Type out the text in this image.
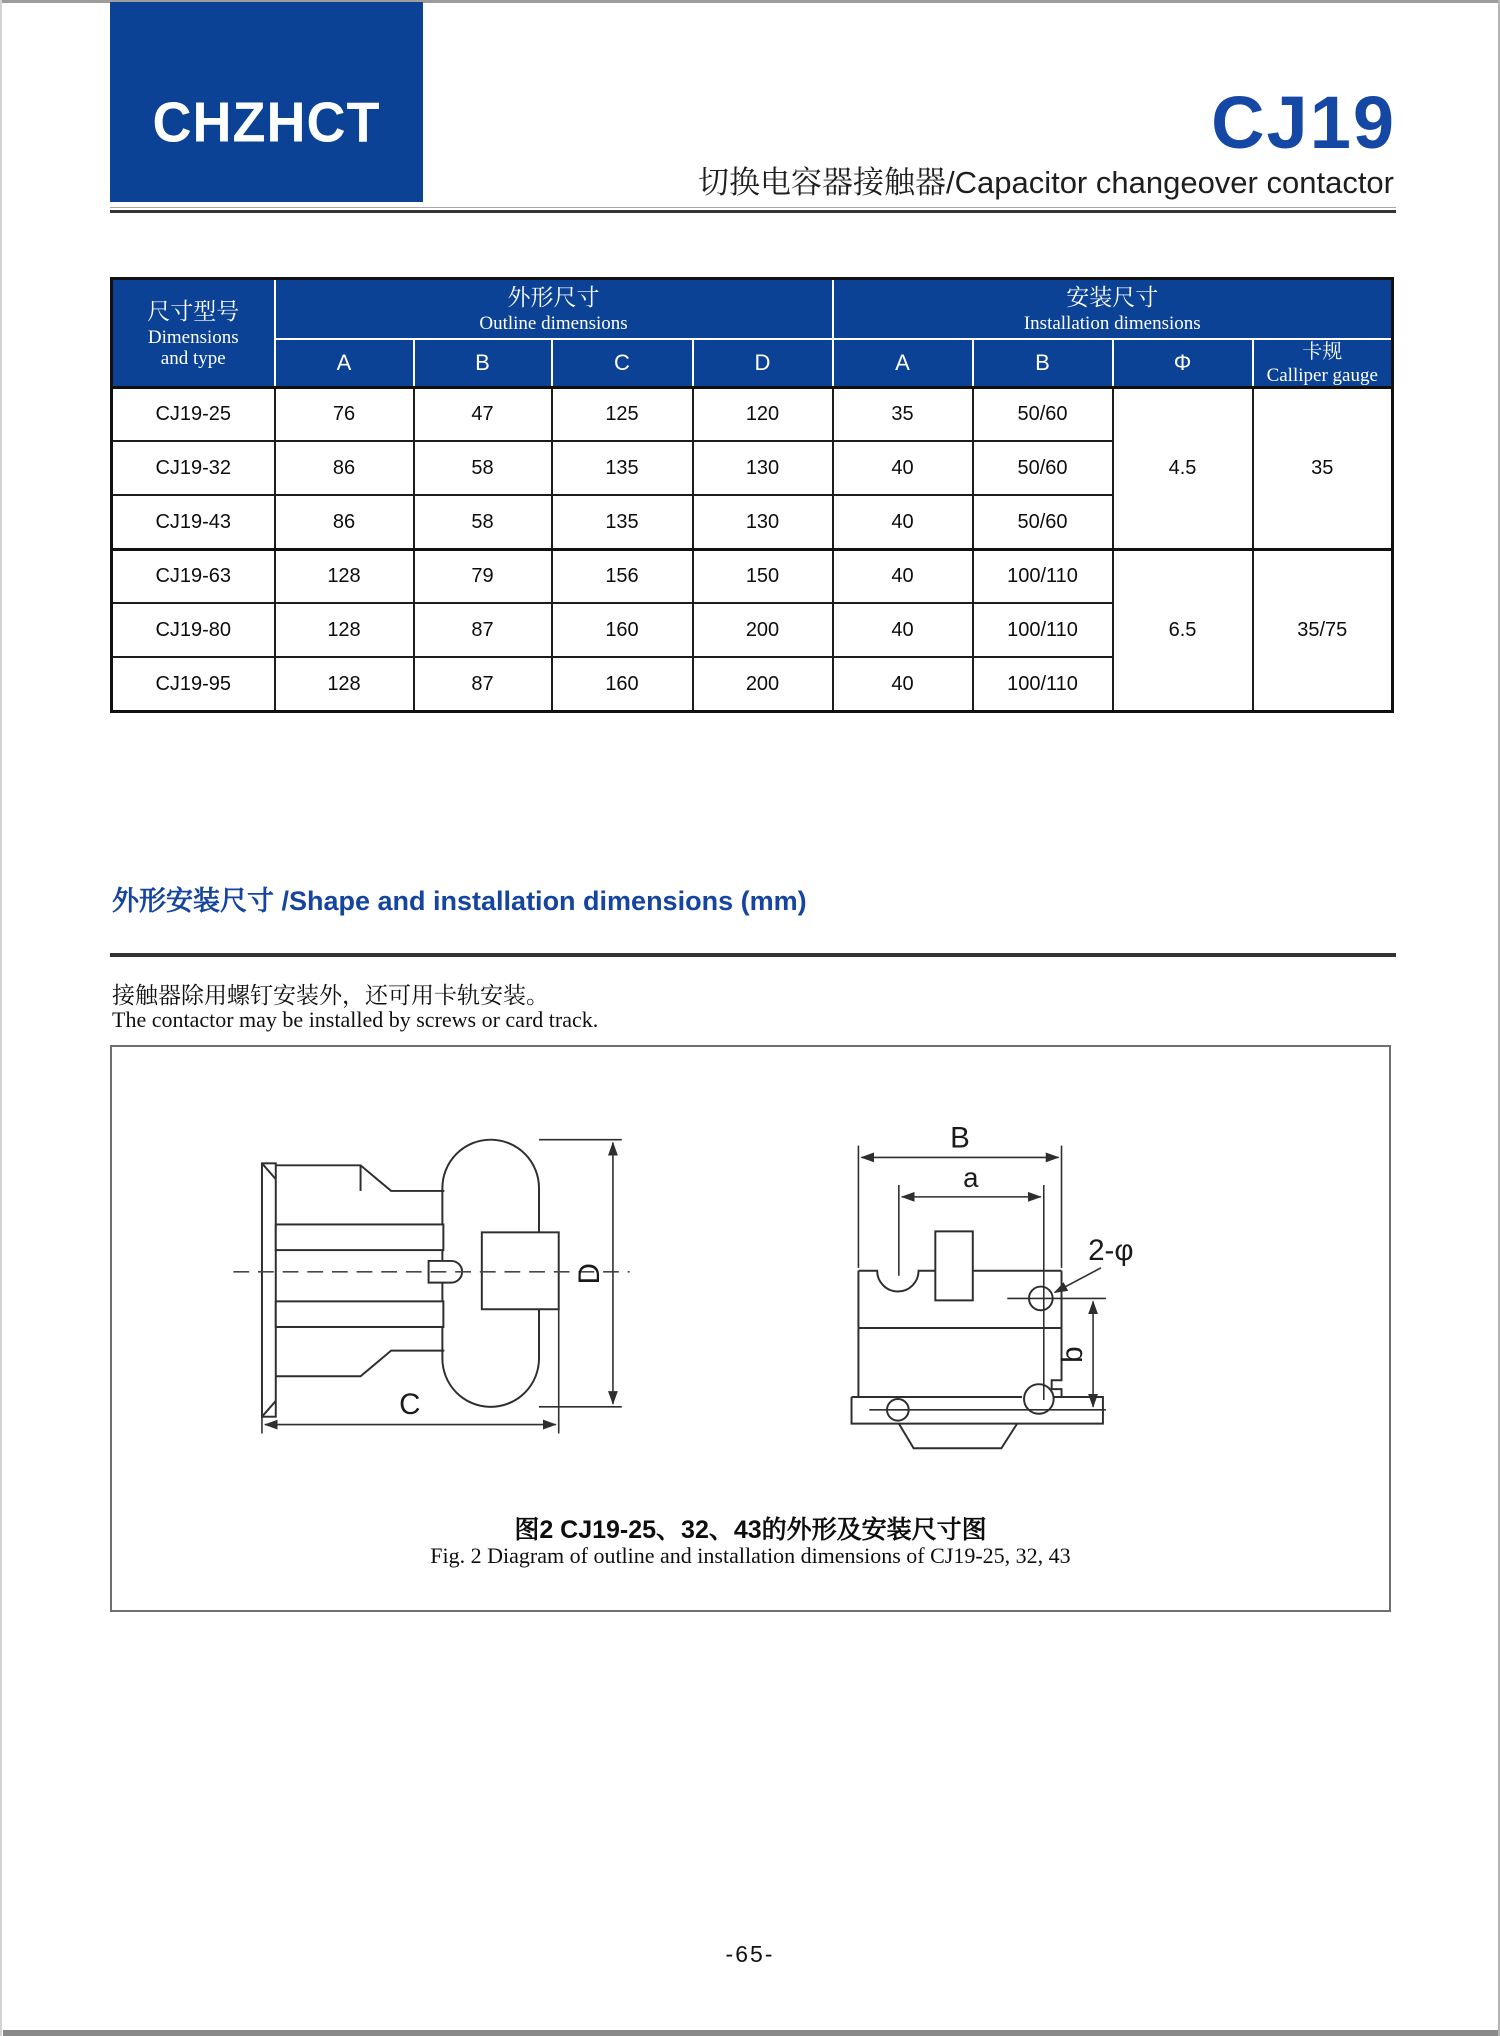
CHZHCT	CJ19
切换电容器接触器/Capacitor changeover contactor
尺寸型号
Dimensions
and type	外形尺寸
Outline dimensions				安装尺寸
Installation dimensions			

	A	B	C	D	A	B	Φ	卡规
Calliper gauge

CJ19-25	76	47	125	120	35	50/60	4.5	35
CJ19-32	86	58	135	130	40	50/60		
CJ19-43	86	58	135	130	40	50/60		
CJ19-63	128	79	156	150	40	100/110	6.5	35/75
CJ19-80	128	87	160	200	40	100/110		
CJ19-95	128	87	160	200	40	100/110		
外形安装尺寸 /Shape and installation dimensions (mm)
接触器除用螺钉安装外，还可用卡轨安装。
The contactor may be installed by screws or card track.
D
C
B
a
b
2-φ
图2 CJ19-25、32、43的外形及安装尺寸图
Fig. 2 Diagram of outline and installation dimensions of CJ19-25, 32, 43
-65-
